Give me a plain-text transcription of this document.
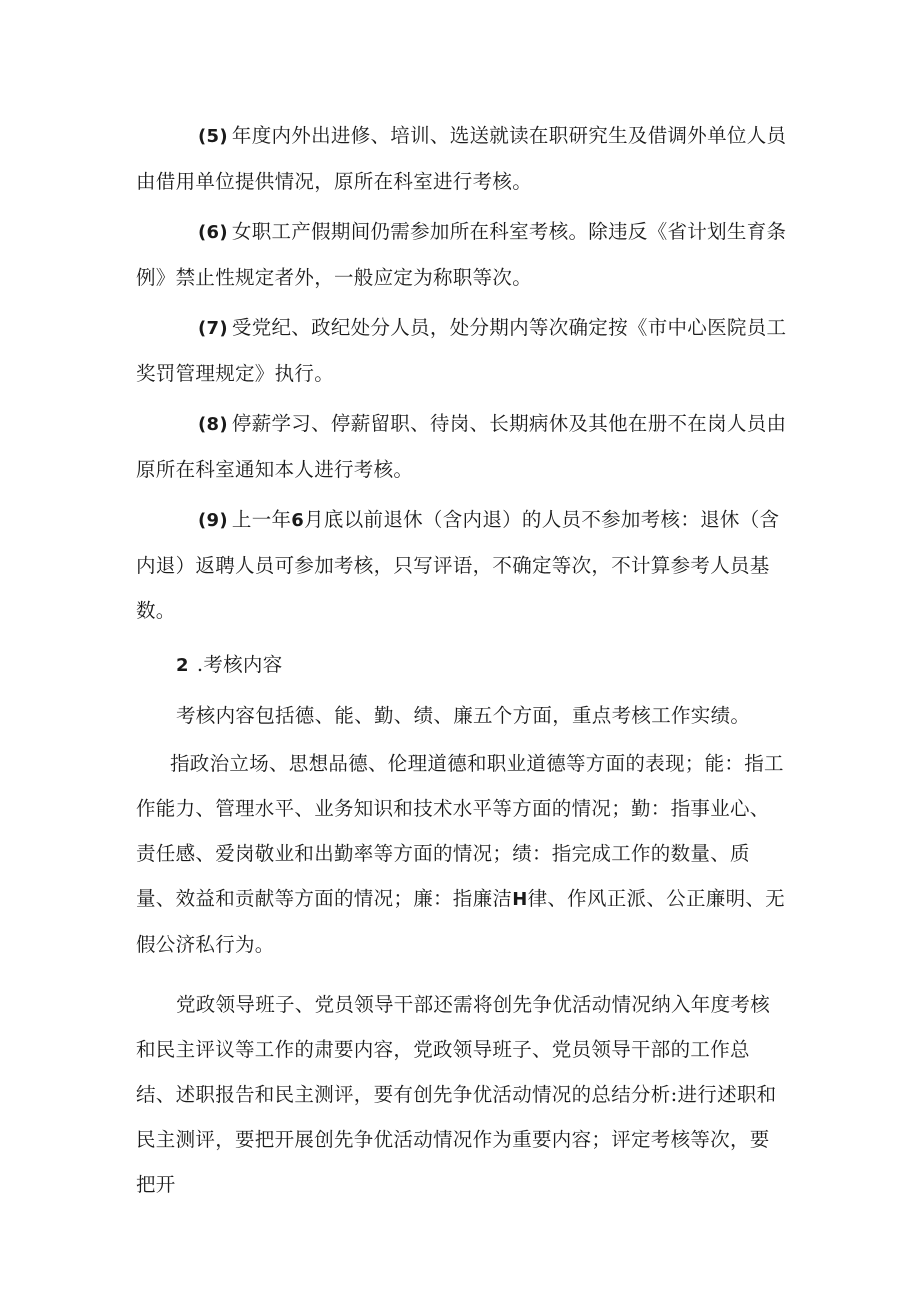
(5) 年度内外出进修、培训、选送就读在职研究生及借调外单位人员由借用单位提供情况，原所在科室进行考核。

(6) 女职工产假期间仍需参加所在科室考核。除违反《省计划生育条例》禁止性规定者外，一般应定为称职等次。

(7) 受党纪、政纪处分人员，处分期内等次确定按《市中心医院员工奖罚管理规定》执行。

(8) 停薪学习、停薪留职、待岗、长期病休及其他在册不在岗人员由原所在科室通知本人进行考核。

(9) 上一年6月底以前退休（含内退）的人员不参加考核：退休（含内退）返聘人员可参加考核，只写评语，不确定等次，不计算参考人员基数。

2 .考核内容

考核内容包括德、能、勤、绩、廉五个方面，重点考核工作实绩。

指政治立场、思想品德、伦理道德和职业道德等方面的表现；能：指工作能力、管理水平、业务知识和技术水平等方面的情况；勤：指事业心、责任感、爱岗敬业和出勤率等方面的情况；绩：指完成工作的数量、质量、效益和贡献等方面的情况；廉：指廉洁H律、作风正派、公正廉明、无假公济私行为。

党政领导班子、党员领导干部还需将创先争优活动情况纳入年度考核和民主评议等工作的肃要内容，党政领导班子、党员领导干部的工作总结、述职报告和民主测评，要有创先争优活动情况的总结分析:进行述职和民主测评，要把开展创先争优活动情况作为重要内容；评定考核等次，要把开
